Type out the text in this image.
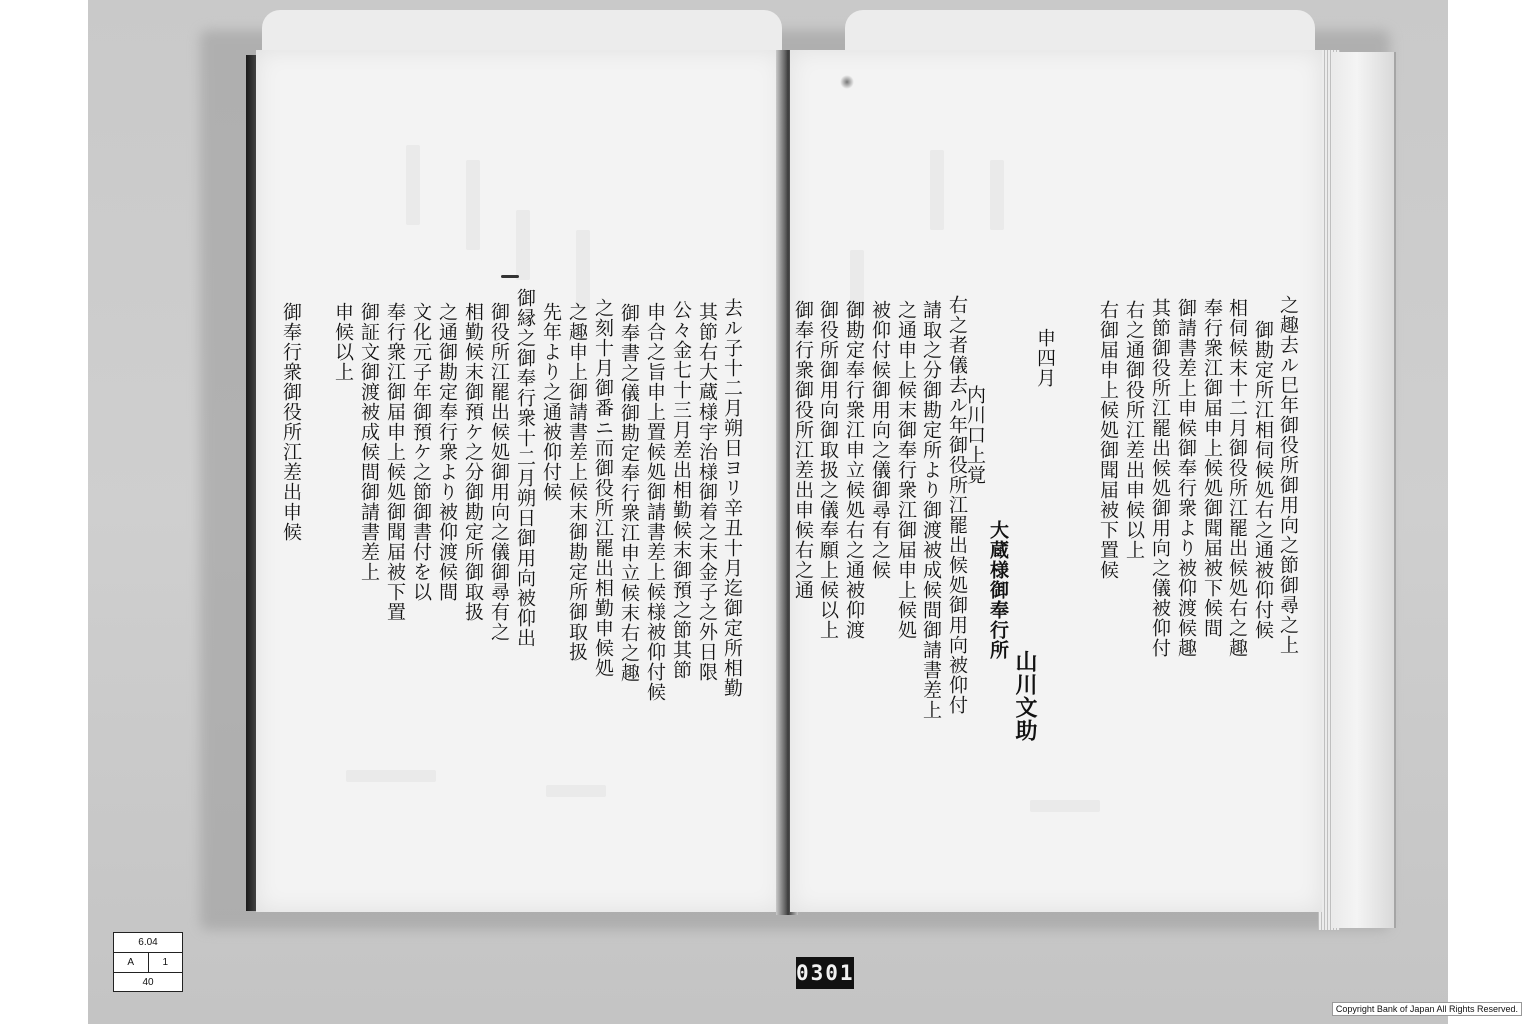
去ル子十二月朔日ヨリ辛丑十月迄御定所相勤
其節右大蔵様宇治様御着之末金子之外日限
公々金七十三月差出相勤候末御預之節其節
申合之旨申上置候処御請書差上候様被仰付候
御奉書之儀御勘定奉行衆江申立候末右之趣
之刻十月御番ニ而御役所江罷出相勤申候処
之趣申上御請書差上候末御勘定所御取扱
先年より之通被仰付候
御縁之御奉行衆十二月朔日御用向被仰出
御役所江罷出候処御用向之儀御尋有之
相勤候末御預ケ之分御勘定所御取扱
之通御勘定奉行衆より被仰渡候間
文化元子年御預ケ之節御書付を以
奉行衆江御届申上候処御聞届被下置
御証文御渡被成候間御請書差上
申候以上
御奉行衆御役所江差出申候	之趣去ル巳年御役所御用向之節御尋之上
御勘定所江相伺候処右之通被仰付候
相伺候末十二月御役所江罷出候処右之趣
奉行衆江御届申上候処御聞届被下候間
御請書差上申候御奉行衆より被仰渡候趣
其節御役所江罷出候処御用向之儀被仰付
右之通御役所江差出申候以上
右御届申上候処御聞届被下置候
申四月
大蔵様御奉行所
山川文助
内川口上覚
右之者儀去ル年御役所江罷出候処御用向被仰付
請取之分御勘定所より御渡被成候間御請書差上
之通申上候末御奉行衆江御届申上候処
被仰付候御用向之儀御尋有之候
御勘定奉行衆江申立候処右之通被仰渡
御役所御用向御取扱之儀奉願上候以上
御奉行衆御役所江差出申候右之通
6.04
A	1
40	0301
Copyright Bank of Japan All Rights Reserved.
